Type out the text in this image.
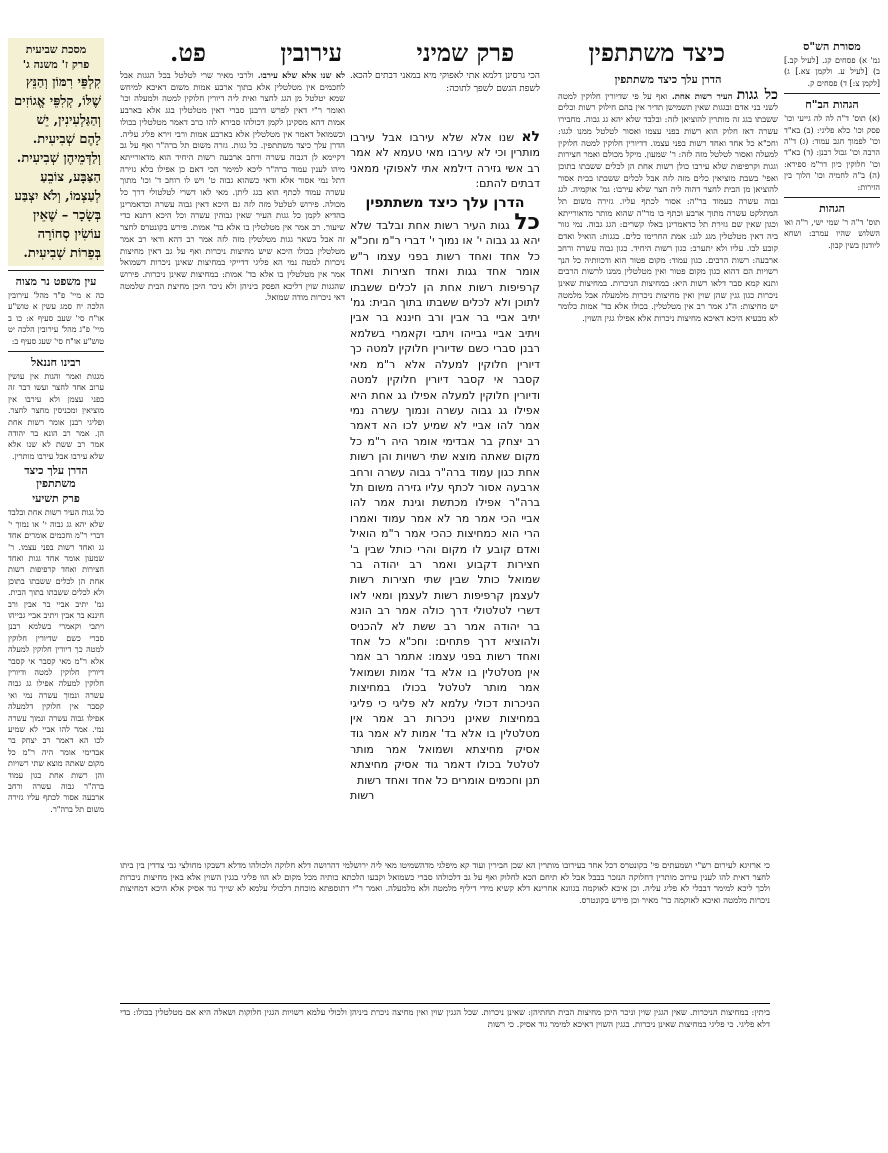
כיצד משתתפין
פרק שמיני
עירובין
פט.	מסורת הש"ס
גמ' א) פסחים קג. [לעיל קב.] ב) [לעיל ע. ולקמן צא.] ג) [לקמן צ:] ד) פסחים ק.
הגהות הב"ח
(א) תוס' ד"ה לה לה גייעי וכו' פסק וכו' כלא פליגי: (ב) בא"ד וכו' לפמוך חגב עמוד: (ג) ד"ה הרבה וכו' גבול רבנן: (ד) בא"ד וכו' חלוקין כיון דר"מ ספירא: (ה) ב"ה לחמיה וכו' הלוך בין הזירות:
הגהות
תוס' ד"ה ר' שמי ישי, ר"ה ואו השלוש שהיו עמרב: ושחא ליודנון בשין קבון.
מסכת שביעית
פרק ז' משנה ג'
קִלְפֵּי רִמּוֹן וְהַנֵּץ שֶׁלּוֹ, קְלִפֵּי אֱגוֹזִים וְהַגַּלְעִינִין, יֵשׁ לָהֶם שְׁבִיעִית. וְלַדְּמֵיהֶן שְׁבִיעִית. הַצַּבָּע, צוֹבֵעַ לְעַצְמוֹ, וְלֹא יִצְבַּע בְּשָׂכָר – שֶׁאֵין עוֹשִׂין סְחוֹרָה בְּפֵרוֹת שְׁבִיעִית.
עין משפט נר מצוה
כה א מיי' פ"ד מהל' עירובין הלכה יח סמג עשין א טוש"ע או"ח סי' שעב סעיף א: כו ב מיי' פ"ג מהל' עירובין הלכה יט טוש"ע או"ח סי' שעג סעיף ב:
רבינו חננאל
מגגות ואמר והגות אין עושין ערוב אחד לחצר ועשו דבר זה בפני עצמן ולא עירבו אין מוציאין ומכניסין מחצר לחצר. ופליגי רבנן אומר רשות אחת הן. אמר רב הונא בר יהודה אמר רב ששת לא שנו אלא שלא עירבו אבל עירבו מותרין.
הדרן עלך כיצד משתתפין
פרק תשיעי
כל גגות העיר רשות אחת ובלבד שלא יהא גג גבוה י' או נמוך י' דברי ר"מ וחכמים אומרים אחד גג ואחד רשות בפני עצמו. ר' שמעון אומר אחד גגות ואחד חצירות ואחד קרפיפות רשות אחת הן לכלים ששבתו בתוכן ולא לכלים ששבתו בתוך הבית. גמ' יתיב אביי בר אבין ורב חיננא בר אבין ויתיב אביי גבייהו ויתבי וקאמרי בשלמא רבנן סברי כשם שדיורין חלוקין למטה כך דיורין חלוקין למעלה אלא ר"מ מאי קסבר אי קסבר דיורין חלוקין למטה ודיורין חלוקין למעלה אפילו גג גבוה עשרה ונמוך עשרה נמי ואי קסבר אין חלוקין דלמעלה אפילו גבוה עשרה ונמוך עשרה נמי. אמר להו אביי לא שמיע לכו הא דאמר רב יצחק בר אבדימי אומר היה ר"מ כל מקום שאתה מוצא שתי רשויות והן רשות אחת כגון עמוד ברה"ר גבוה עשרה ורחב ארבעה אסור לכתף עליו גזירה משום תל ברה"ר.
הדרן עלך כיצד משתתפין
כל גגות העיר רשות אחת. ואף על פי שדיורין חלוקין למטה לשני בני אדם ובגגות שאין תשמישן תדיר אין בהם חילוק רשות וכלים ששבתו בגג זה מותרין להוציאן לזה: ובלבד שלא יהא גג גבוה. מחבירו עשרה דאז חלוק הוא רשות בפני עצמו ואסור לטלטל ממנו לגגו: וחכ"א כל אחד ואחד רשות בפני עצמו. דדיורין חלוקין למטה חלוקין למעלה ואסור לטלטל מזה לזה: ר' שמעון. מיקל מכולם ואמר חצירות וגגות וקרפיפות שלא עירבו כולן רשות אחת הן לכלים ששבתו בתוכן ואפי' בשבת מוציאין כלים מזה לזה אבל לכלים ששבתו בבית אסור להוציאן מן הבית לחצר דהוה ליה חצר שלא עירבו: גמ' אוקמיה. לגג גבוה עשרה כעמוד בר"ה: אסור לכתף עליו. גזירה משום תל המתלקט עשרה מתוך ארבע וכתף בו מר"ה שהוא מותר מדאורייתא וכגון שאין שם גזירת תל כדאמרינן באלו קשרים: הגג גבוה. נמי גזור ביה דאין מטלטלין מגג לגג: אמת החרימו כלים. בגגות: הואיל ואדם קובע לבו. עליו ולא יתערב: כגון רשות היחיד. כגון גבוה עשרה ורחב ארבעה: רשות הרבים. כגון עמוד: מקום פטור הוא ודכוותיה כל הנך רשויות הם דהוא כגון מקום פטור ואין מטלטלין ממנו לרשות הרבים ותנא קמא סבר דלאו רשות היא: במחיצות הניכרות. במחיצות שאינן ניכרות כגון גגין שהן שוין ואין מחיצות ניכרות מלמעלה אבל מלמטה יש מחיצות: ה"ג אמר רב אין מטלטלין. בכולו אלא בד' אמות כלומר לא מבעיא היכא דאיכא מחיצות ניכרות אלא אפילו גגין השוין.
לא שנו אלא שלא עירבו. ולרבי מאיר שרי לטלטל בכל הגגות אבל לחכמים אין מטלטלין אלא בתוך ארבע אמות משום דאיכא למיחש שמא יטלטל מן הגג לחצר ואית ליה דיורין חלוקין למטה ולמעלה וכו' ואומר ר"י דאין לפרש דרבנן סברי דאין מטלטלין בגג אלא בארבע אמות דהא מסקינן לקמן דכולהו סבירא להו כרב דאמר מטלטלין בכולו וכשמואל דאמר אין מטלטלין אלא בארבע אמות ורבי זירא פליג עליה. הדרן עלך כיצד משתתפין. כל גגות. גזרה משום תל ברה"ר ואף על גב דקיימא לן דגבוה עשרה ורחב ארבעה רשות היחיד הוא מדאורייתא מיהו לענין עמוד ברה"ר ליכא למימר הכי דאם כן אפילו בלא גזירה דתל נמי אסור אלא ודאי כשהוא גבוה ט' ויש לו רוחב ד' וכו' מתוך עשרה עמוד לכתף הוא בגג ליתן. מאי לאו דשרי לטלטולי דרך כל מכולה. פירוש לטלטל מזה לזה גם היכא דאין גבוה עשרה וכדאמרינן בהדיא לקמן כל גגות העיר שאין גבוהין עשרה וכל היכא דתנא כדי שיעור. רב אמר אין מטלטלין בו אלא בד' אמות. פירש בקונטרס לחצר זה אבל בשאר גגות מטלטלין מזה לזה אמר רב דהא ודאי רב אמר מטלטלין בכולו היכא שיש מחיצות ניכרות ואף על גב דאין מחיצות ניכרות למטה נמי הא פליגי דדייקי במחיצות שאינן ניכרות דשמואל אמר אין מטלטלין בו אלא בד' אמות: במחיצות שאינן ניכרות. פירוש שהגגות שוין דליכא הפסק ביניהן ולא ניכר היכן מחיצת הבית שלמטה דאי ניכרות מודה שמואל.
הכי גרסינן דלמא אתי לאפוקי מיא במאני דבתים להכא. לשפת הגשם לשפך לתוכה:
לא שנו אלא שלא עירבו אבל עירבו מותרין וכי לא עירבו מאי טעמא לא אמר רב אשי גזירה דילמא אתי לאפוקי ממאני דבתים להתם:
הדרן עלך כיצד משתתפין
כל גגות העיר רשות אחת ובלבד שלא יהא גג גבוה י' או נמוך י' דברי ר"מ וחכ"א כל אחד ואחד רשות בפני עצמו ר"ש אומר אחד גגות ואחד חצירות ואחד קרפיפות רשות אחת הן לכלים ששבתו לתוכן ולא לכלים ששבתו בתוך הבית: גמ' יתיב אביי בר אבין ורב חיננא בר אבין ויתיב אביי גבייהו ויתבי וקאמרי בשלמא רבנן סברי כשם שדיורין חלוקין למטה כך דיורין חלוקין למעלה אלא ר"מ מאי קסבר אי קסבר דיורין חלוקין למטה ודיורין חלוקין למעלה אפילו גג אחת היא אפילו גג גבוה עשרה ונמוך עשרה נמי אמר להו אביי לא שמיע לכו הא דאמר רב יצחק בר אבדימי אומר היה ר"מ כל מקום שאתה מוצא שתי רשויות והן רשות אחת כגון עמוד ברה"ר גבוה עשרה ורחב ארבעה אסור לכתף עליו גזירה משום תל ברה"ר אפילו מכתשת וגינת אמר להו אביי הכי אמר מר לא אמר עמוד ואמרו הרי הוא כמחיצות כהכי אמר ר"מ הואיל ואדם קובע לו מקום והרי כותל שבין ב' חצירות דקבוע ואמר רב יהודה בר שמואל כותל שבין שתי חצירות רשות לעצמן קרפיפות רשות לעצמן ומאי לאו דשרי לטלטולי דרך כולה אמר רב הונא בר יהודה אמר רב ששת לא להכניס ולהוציא דרך פתחים: וחכ"א כל אחד ואחד רשות בפני עצמו: אתמר רב אמר אין מטלטלין בו אלא בד' אמות ושמואל אמר מותר לטלטל בכולו במחיצות הניכרות דכולי עלמא לא פליגי כי פליגי במחיצות שאינן ניכרות רב אמר אין מטלטלין בו אלא בד' אמות לא אמר גוד אסיק מחיצתא ושמואל אמר מותר לטלטל בכולו דאמר גוד אסיק מחיצתא תנן וחכמים אומרים כל אחד ואחד רשות
רשות
כי ארזיגא לעירום רש"י ושמעתים פי' בקונטרס דכל אחד בעירובו מותרין הא שכן חבירין ועוד קא מיפלגי מדהשמיטו מאי ליה ירושלמי דהרושה דלא חלוקה ולכולהו מדלא דשבקו מחולצי גבי צדדין בין ביתו לחצר דאית להו לענין עירוב מותרין דחלוקה הנזכר בבבל אבל לא תיחם הכא לחלוק ואף על גב דלכולהו סברי כשמואל וקבעו הלכתא כותיה מכל מקום לא הוו פליגי בגגין השוין אלא באין מחיצות ניכרות ולכך ליכא למימר דבבלי לא פליג עליה. וכן איכא לאוקמה בגוונא אחרינא דלא קשיא מידי דיליף מלמטה ולא מלמעלה. ואמר ר"י דתוספתא מוכחת דלכולי עלמא לא שייך גוד אסיק אלא היכא דמחיצות ניכרות מלמטה ואיכא לאוקמה כר' מאיר וכן פירש בקונטרס.
ביתין: במחיצות הניכרות. שאין הגגין שוין וניכר היכן מחיצות הבית תחתיהן: שאינן ניכרות. שכל הגגין שוין ואין מחיצה ניכרת ביניהן ולכולי עלמא רשויות הגגין חלוקות ושאלה היא אם מטלטלין בכולו: בדי דלא פליגי. כי פליגי במחיצות שאינן ניכרות. בגגין השוין דאיכא למימר גוד אסיק. כי רשות
